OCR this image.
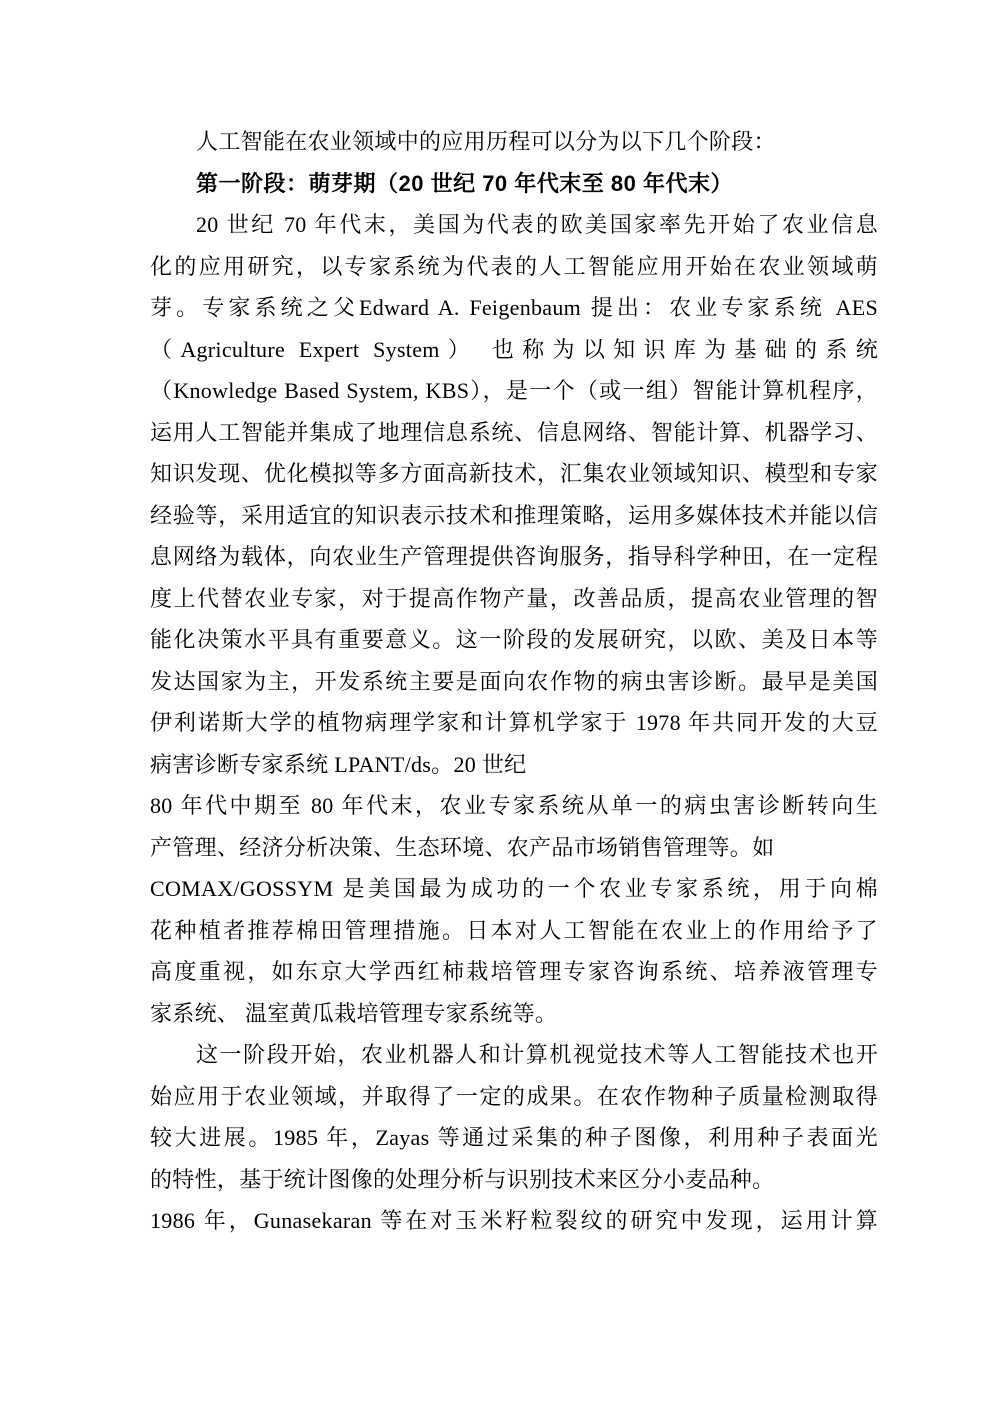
人工智能在农业领域中的应用历程可以分为以下几个阶段：
第一阶段：萌芽期（20 世纪 70 年代末至 80 年代末）
20 世纪 70 年代末，美国为代表的欧美国家率先开始了农业信息
化的应用研究，以专家系统为代表的人工智能应用开始在农业领域萌
芽。专家系统之父Edward A. Feigenbaum 提出：农业专家系统 AES
（Agriculture Expert System） 也称为以知识库为基础的系统
（Knowledge Based System, KBS），是一个（或一组）智能计算机程序，
运用人工智能并集成了地理信息系统、信息网络、智能计算、机器学习、
知识发现、优化模拟等多方面高新技术，汇集农业领域知识、模型和专家
经验等，采用适宜的知识表示技术和推理策略，运用多媒体技术并能以信
息网络为载体，向农业生产管理提供咨询服务，指导科学种田，在一定程
度上代替农业专家，对于提高作物产量，改善品质，提高农业管理的智
能化决策水平具有重要意义。这一阶段的发展研究，以欧、美及日本等
发达国家为主，开发系统主要是面向农作物的病虫害诊断。最早是美国
伊利诺斯大学的植物病理学家和计算机学家于 1978 年共同开发的大豆
病害诊断专家系统 LPANT/ds。20 世纪
80 年代中期至 80 年代末，农业专家系统从单一的病虫害诊断转向生
产管理、经济分析决策、生态环境、农产品市场销售管理等。如
COMAX/GOSSYM 是美国最为成功的一个农业专家系统，用于向棉
花种植者推荐棉田管理措施。日本对人工智能在农业上的作用给予了
高度重视，如东京大学西红柿栽培管理专家咨询系统、培养液管理专
家系统、 温室黄瓜栽培管理专家系统等。
这一阶段开始，农业机器人和计算机视觉技术等人工智能技术也开
始应用于农业领域，并取得了一定的成果。在农作物种子质量检测取得
较大进展。1985 年，Zayas 等通过采集的种子图像，利用种子表面光
的特性，基于统计图像的处理分析与识别技术来区分小麦品种。
1986 年，Gunasekaran 等在对玉米籽粒裂纹的研究中发现，运用计算
